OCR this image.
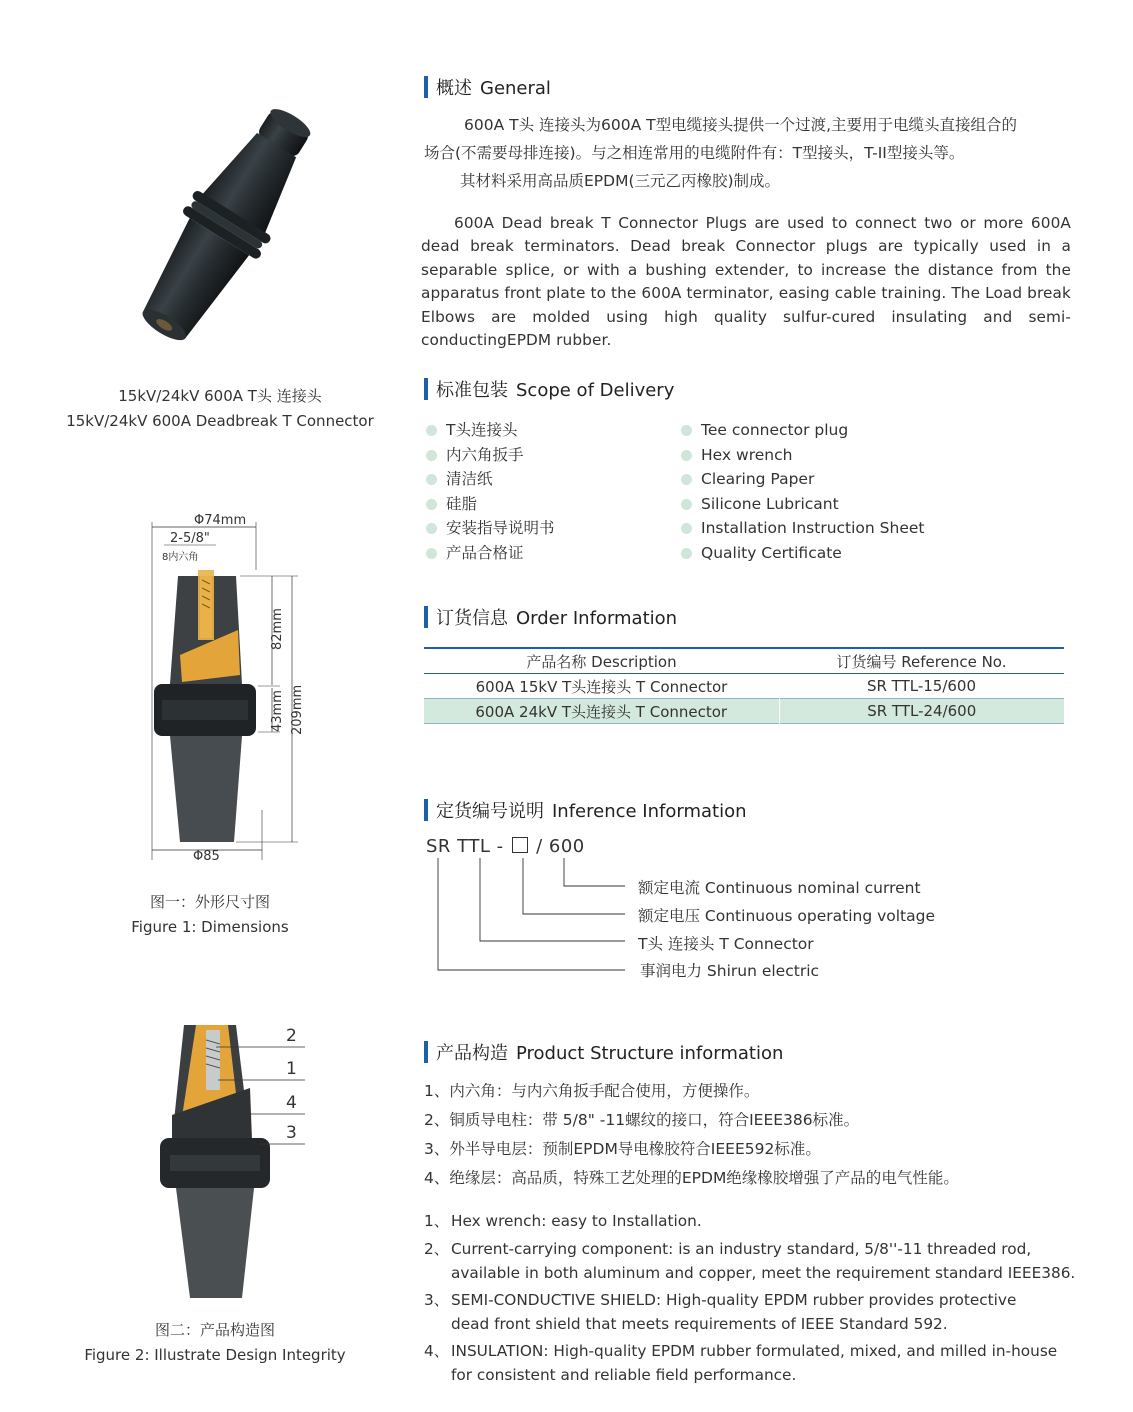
15kV/24kV 600A T头 连接头
15kV/24kV 600A Deadbreak T Connector
Φ74mm
2-5/8"
8内六角
82mm
43mm 209mm
Φ85
图一：外形尺寸图
Figure 1: Dimensions
2
1
4
3
图二：产品构造图
Figure 2: Illustrate Design Integrity
概述 General
600A T头 连接头为600A T型电缆接头提供一个过渡,主要用于电缆头直接组合的
场合(不需要母排连接)。与之相连常用的电缆附件有：T型接头，T-II型接头等。
其材料采用高品质EPDM(三元乙丙橡胶)制成。
600A Dead break T Connector Plugs are used to connect two or more 600A dead break terminators. Dead break Connector plugs are typically used in a separable splice, or with a bushing extender, to increase the distance from the apparatus front plate to the 600A terminator, easing cable training. The Load break Elbows are molded using high quality sulfur-cured insulating and semi-conductingEPDM rubber.
标准包装 Scope of Delivery
T头连接头
内六角扳手
清洁纸
硅脂
安装指导说明书
产品合格证
Tee connector plug
Hex wrench
Clearing Paper
Silicone Lubricant
Installation Instruction Sheet
Quality Certificate
订货信息 Order Information
产品名称 Description	订货编号 Reference No.
600A 15kV T头连接头 T Connector	SR TTL-15/600
600A 24kV T头连接头 T Connector	SR TTL-24/600
定货编号说明 Inference Information
SR TTL - / 600
额定电流 Continuous nominal current
额定电压 Continuous operating voltage
T头 连接头 T Connector
事润电力 Shirun electric
产品构造 Product Structure information
1、内六角：与内六角扳手配合使用，方便操作。
2、铜质导电柱：带 5/8" -11螺纹的接口，符合IEEE386标准。
3、外半导电层：预制EPDM导电橡胶符合IEEE592标准。
4、绝缘层：高品质，特殊工艺处理的EPDM绝缘橡胶增强了产品的电气性能。
1、 Hex wrench: easy to Installation.
2、 Current-carrying component: is an industry standard, 5/8''-11 threaded rod,
available in both aluminum and copper, meet the requirement standard IEEE386.
3、 SEMI-CONDUCTIVE SHIELD: High-quality EPDM rubber provides protective
dead front shield that meets requirements of IEEE Standard 592.
4、 INSULATION: High-quality EPDM rubber formulated, mixed, and milled in-house
for consistent and reliable field performance.
